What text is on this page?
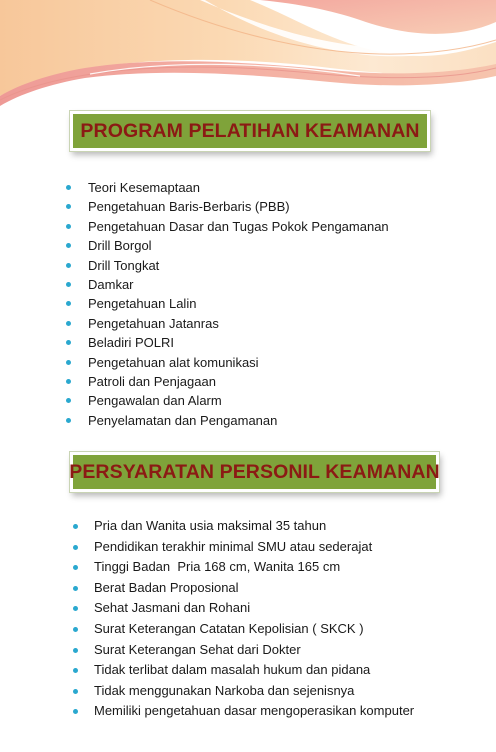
PROGRAM PELATIHAN KEAMANAN
Teori Kesemaptaan
Pengetahuan Baris-Berbaris (PBB)
Pengetahuan Dasar dan Tugas Pokok Pengamanan
Drill Borgol
Drill Tongkat
Damkar
Pengetahuan Lalin
Pengetahuan Jatanras
Beladiri POLRI
Pengetahuan alat komunikasi
Patroli dan Penjagaan
Pengawalan dan Alarm
Penyelamatan dan Pengamanan
PERSYARATAN PERSONIL KEAMANAN
Pria dan Wanita usia maksimal 35 tahun
Pendidikan terakhir minimal SMU atau sederajat
Tinggi Badan  Pria 168 cm, Wanita 165 cm
Berat Badan Proposional
Sehat Jasmani dan Rohani
Surat Keterangan Catatan Kepolisian ( SKCK )
Surat Keterangan Sehat dari Dokter
Tidak terlibat dalam masalah hukum dan pidana
Tidak menggunakan Narkoba dan sejenisnya
Memiliki pengetahuan dasar mengoperasikan komputer
